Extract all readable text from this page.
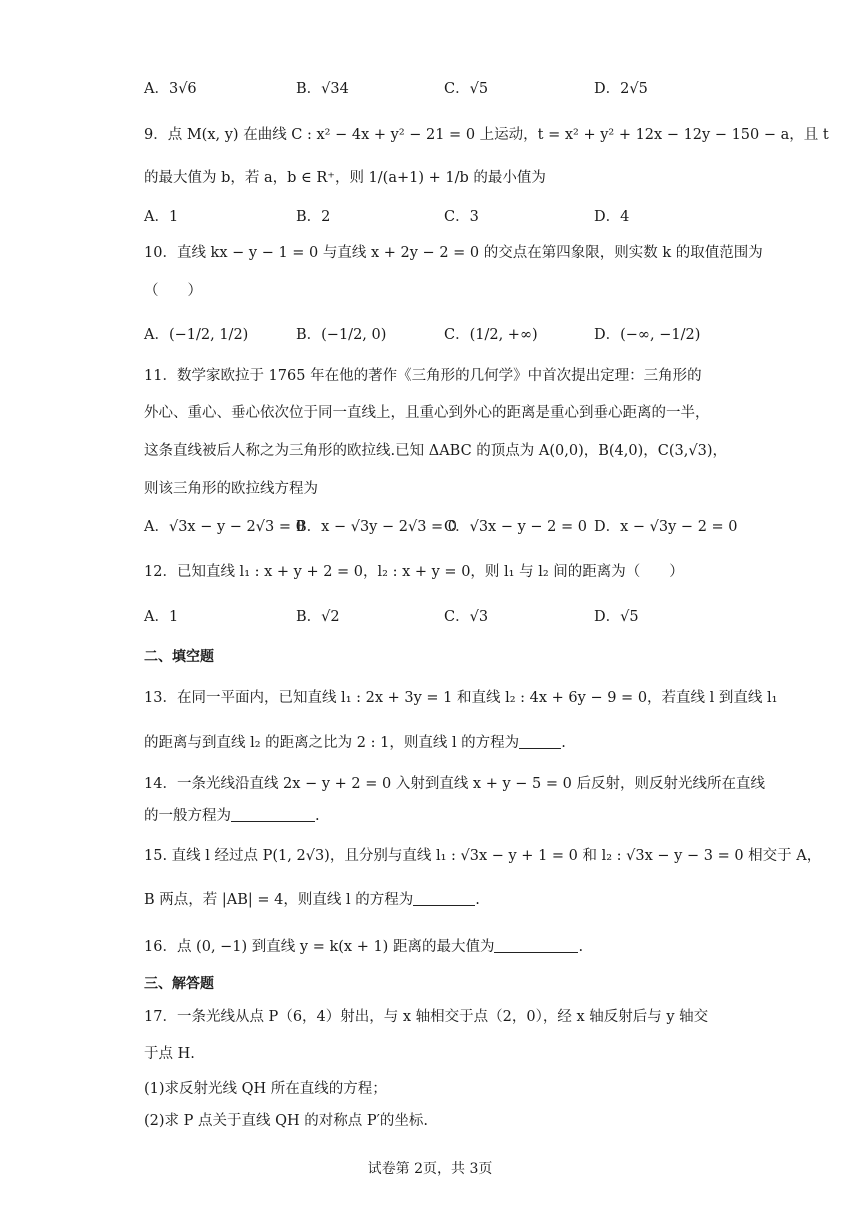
A．3√6	B．√34	C．√5	D．2√5
9．点 M(x, y) 在曲线 C : x² − 4x + y² − 21 = 0 上运动，t = x² + y² + 12x − 12y − 150 − a，且 t
的最大值为 b，若 a，b ∈ R⁺，则 1/(a+1) + 1/b 的最小值为
A．1	B．2	C．3	D．4
10．直线 kx − y − 1 = 0 与直线 x + 2y − 2 = 0 的交点在第四象限，则实数 k 的取值范围为
（　　）
A．(−1/2, 1/2)	B．(−1/2, 0)	C．(1/2, +∞)	D．(−∞, −1/2)
11．数学家欧拉于 1765 年在他的著作《三角形的几何学》中首次提出定理：三角形的
外心、重心、垂心依次位于同一直线上，且重心到外心的距离是重心到垂心距离的一半，
这条直线被后人称之为三角形的欧拉线.已知 ΔABC 的顶点为 A(0,0)，B(4,0)，C(3,√3)，
则该三角形的欧拉线方程为
A．√3x − y − 2√3 = 0
B．x − √3y − 2√3 = 0
C．√3x − y − 2 = 0 D．x − √3y − 2 = 0
12．已知直线 l₁ : x + y + 2 = 0，l₂ : x + y = 0，则 l₁ 与 l₂ 间的距离为（　　）
A．1	B．√2	C．√3	D．√5
二、填空题
13．在同一平面内，已知直线 l₁ : 2x + 3y = 1 和直线 l₂ : 4x + 6y − 9 = 0，若直线 l 到直线 l₁
的距离与到直线 l₂ 的距离之比为 2 : 1，则直线 l 的方程为	.
14．一条光线沿直线 2x − y + 2 = 0 入射到直线 x + y − 5 = 0 后反射，则反射光线所在直线
的一般方程为	.
15. 直线 l 经过点 P(1, 2√3)，且分别与直线 l₁ : √3x − y + 1 = 0 和 l₂ : √3x − y − 3 = 0 相交于 A，
B 两点，若 |AB| = 4，则直线 l 的方程为	.
16．点 (0, −1) 到直线 y = k(x + 1) 距离的最大值为	.
三、解答题
17．一条光线从点 P（6，4）射出，与 x 轴相交于点（2，0），经 x 轴反射后与 y 轴交
于点 H.
(1)求反射光线 QH 所在直线的方程；
(2)求 P 点关于直线 QH 的对称点 P′的坐标.
试卷第 2页，共 3页
